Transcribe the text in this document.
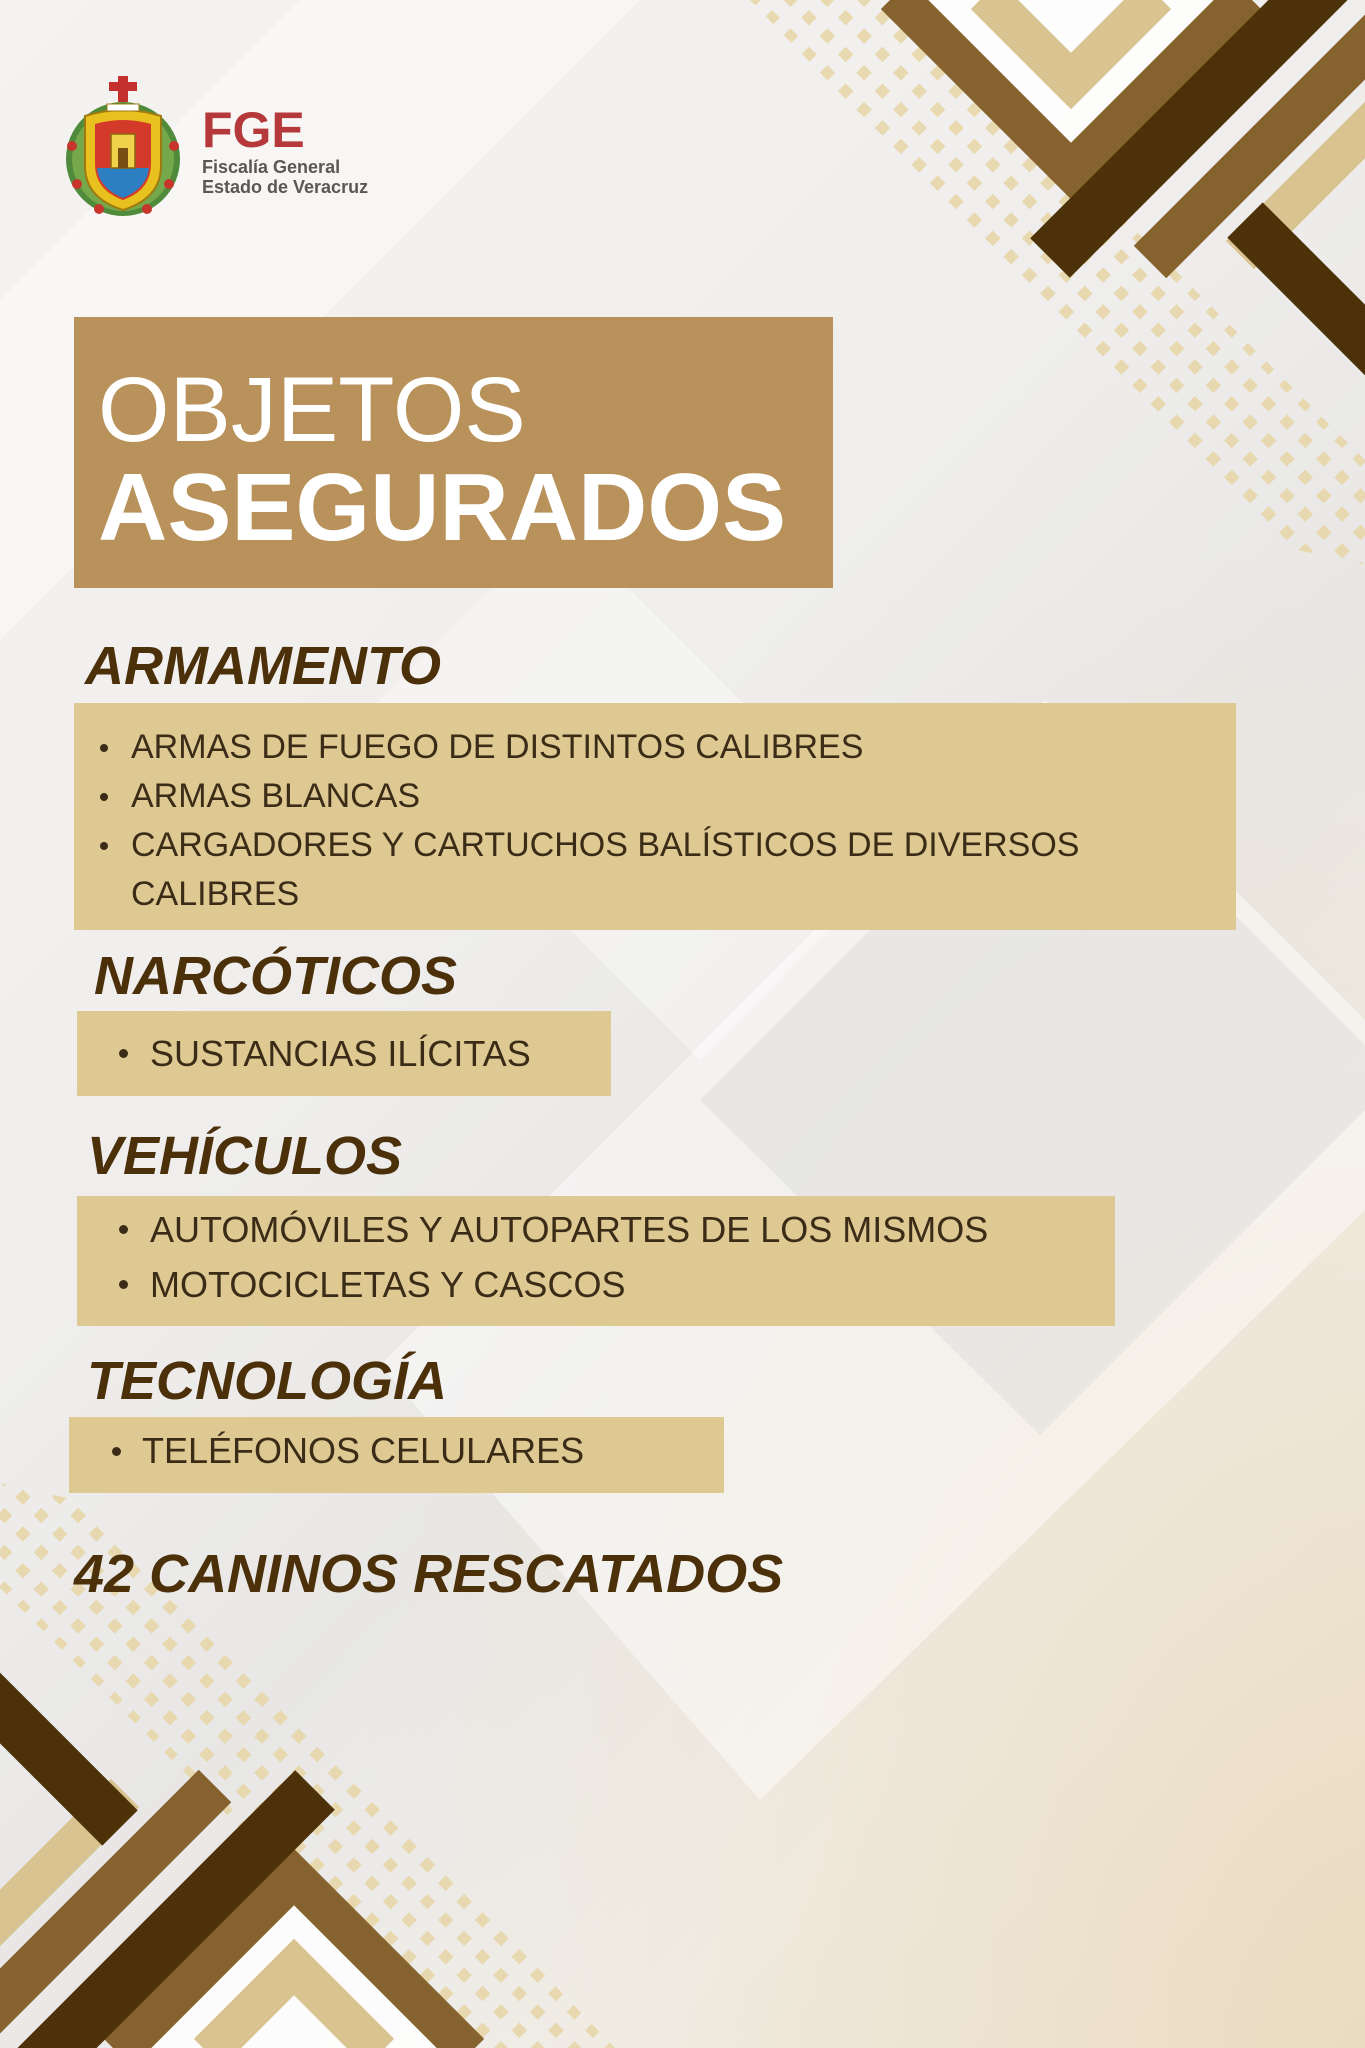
FGE
Fiscalía General
Estado de Veracruz
OBJETOS
ASEGURADOS
ARMAMENTO
ARMAS DE FUEGO DE DISTINTOS CALIBRES
ARMAS BLANCAS
CARGADORES Y CARTUCHOS BALÍSTICOS DE DIVERSOS CALIBRES
NARCÓTICOS
SUSTANCIAS ILÍCITAS
VEHÍCULOS
AUTOMÓVILES Y AUTOPARTES DE LOS MISMOS
MOTOCICLETAS Y CASCOS
TECNOLOGÍA
TELÉFONOS CELULARES
42 CANINOS RESCATADOS
